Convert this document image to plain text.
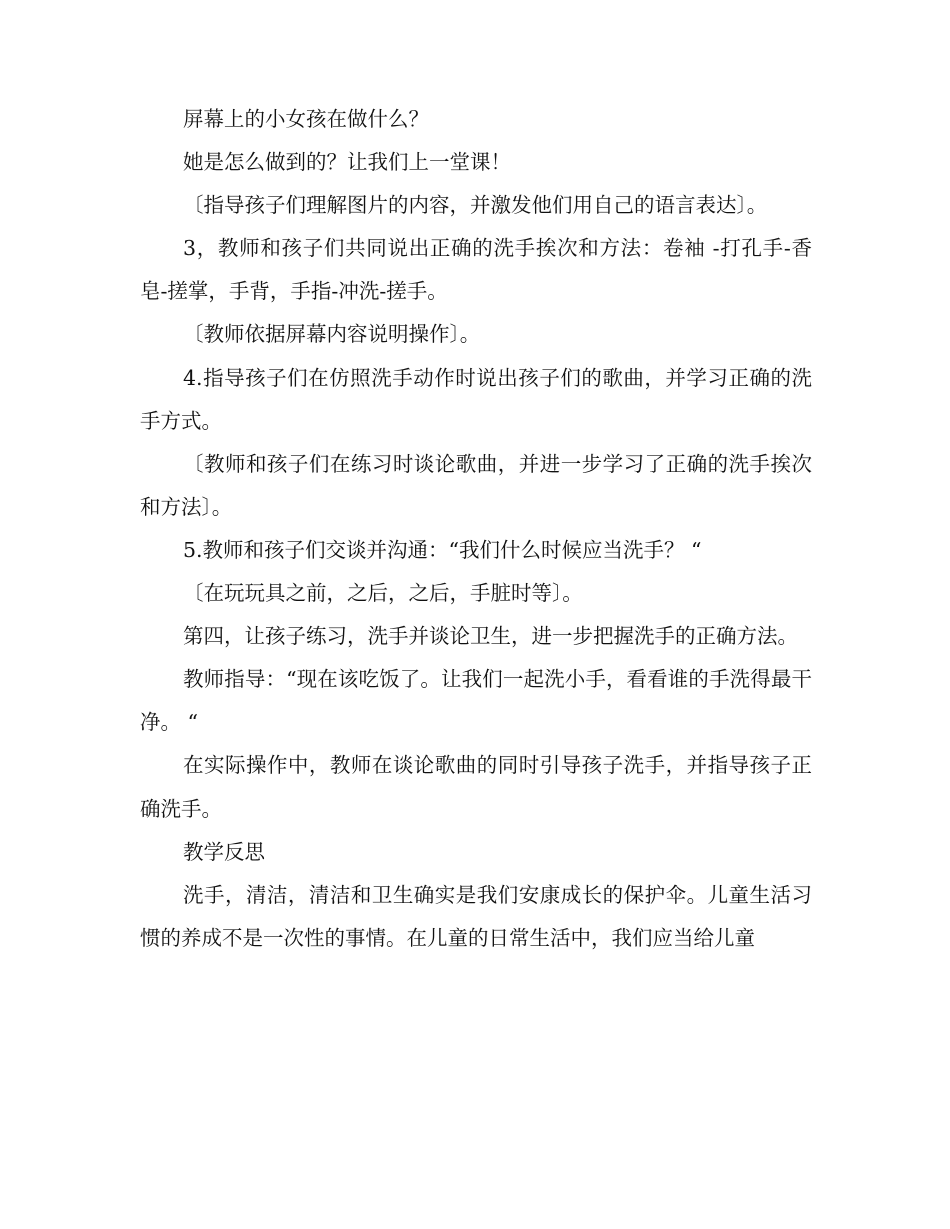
屏幕上的小女孩在做什么？

她是怎么做到的？让我们上一堂课！

〔指导孩子们理解图片的内容，并激发他们用自己的语言表达〕。

3，教师和孩子们共同说出正确的洗手挨次和方法：卷袖 -打孔手-香皂-搓掌，手背，手指-冲洗-搓手。

〔教师依据屏幕内容说明操作〕。

4.指导孩子们在仿照洗手动作时说出孩子们的歌曲，并学习正确的洗手方式。

〔教师和孩子们在练习时谈论歌曲，并进一步学习了正确的洗手挨次和方法〕。

5.教师和孩子们交谈并沟通：“我们什么时候应当洗手？ “

〔在玩玩具之前，之后，之后，手脏时等〕。

第四，让孩子练习，洗手并谈论卫生，进一步把握洗手的正确方法。

教师指导：“现在该吃饭了。让我们一起洗小手，看看谁的手洗得最干净。 “

在实际操作中，教师在谈论歌曲的同时引导孩子洗手，并指导孩子正确洗手。

教学反思

洗手，清洁，清洁和卫生确实是我们安康成长的保护伞。儿童生活习惯的养成不是一次性的事情。在儿童的日常生活中，我们应当给儿童
